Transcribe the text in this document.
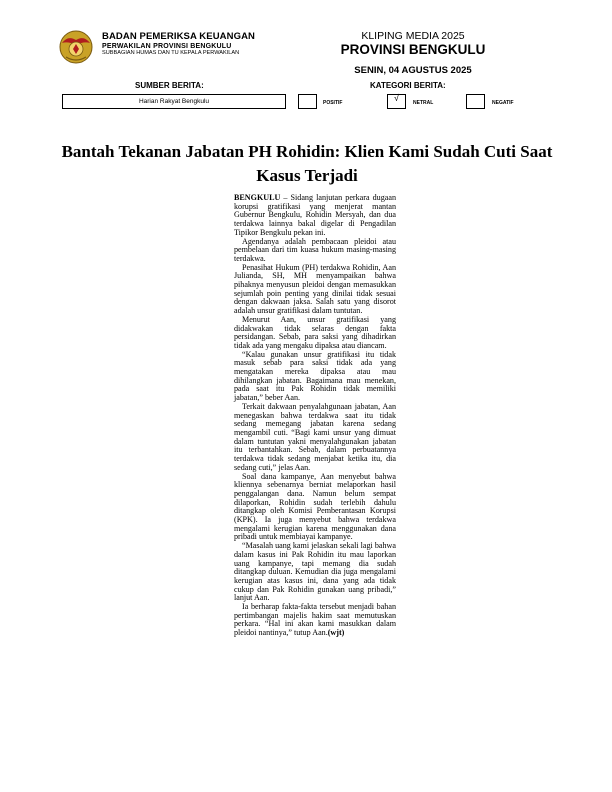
BADAN PEMERIKSA KEUANGAN
PERWAKILAN PROVINSI BENGKULU
SUBBAGIAN HUMAS DAN TU KEPALA PERWAKILAN
KLIPING MEDIA 2025
PROVINSI BENGKULU
SENIN, 04 AGUSTUS 2025
SUMBER BERITA:
Harian Rakyat Bengkulu
KATEGORI BERITA:
POSITIF	√	NETRAL	NEGATIF
Bantah Tekanan Jabatan PH Rohidin: Klien Kami Sudah Cuti Saat Kasus Terjadi

BENGKULU – Sidang lanjutan perkara dugaan korupsi gratifikasi yang menjerat mantan Gubernur Bengkulu, Rohidin Mersyah, dan dua terdakwa lainnya bakal digelar di Pengadilan Tipikor Bengkulu pekan ini.

Agendanya adalah pembacaan pleidoi atau pembelaan dari tim kuasa hukum masing-masing terdakwa.

Penasihat Hukum (PH) terdakwa Rohidin, Aan Julianda, SH, MH menyampaikan bahwa pihaknya menyusun pleidoi dengan memasukkan sejumlah poin penting yang dinilai tidak sesuai dengan dakwaan jaksa. Salah satu yang disorot adalah unsur gratifikasi dalam tuntutan.

Menurut Aan, unsur gratifikasi yang didakwakan tidak selaras dengan fakta persidangan. Sebab, para saksi yang dihadirkan tidak ada yang mengaku dipaksa atau diancam.

“Kalau gunakan unsur gratifikasi itu tidak masuk sebab para saksi tidak ada yang mengatakan mereka dipaksa atau mau dihilangkan jabatan. Bagaimana mau menekan, pada saat itu Pak Rohidin tidak memiliki jabatan,” beber Aan.

Terkait dakwaan penyalahgunaan jabatan, Aan menegaskan bahwa terdakwa saat itu tidak sedang memegang jabatan karena sedang mengambil cuti. “Bagi kami unsur yang dimuat dalam tuntutan yakni menyalahgunakan jabatan itu terbantahkan. Sebab, dalam perbuatannya terdakwa tidak sedang menjabat ketika itu, dia sedang cuti,” jelas Aan.

Soal dana kampanye, Aan menyebut bahwa kliennya sebenarnya berniat melaporkan hasil penggalangan dana. Namun belum sempat dilaporkan, Rohidin sudah terlebih dahulu ditangkap oleh Komisi Pemberantasan Korupsi (KPK). Ia juga menyebut bahwa terdakwa mengalami kerugian karena menggunakan dana pribadi untuk membiayai kampanye.

“Masalah uang kami jelaskan sekali lagi bahwa dalam kasus ini Pak Rohidin itu mau laporkan uang kampanye, tapi memang dia sudah ditangkap duluan. Kemudian dia juga mengalami kerugian atas kasus ini, dana yang ada tidak cukup dan Pak Rohidin gunakan uang pribadi,” lanjut Aan.

Ia berharap fakta-fakta tersebut menjadi bahan pertimbangan majelis hakim saat memutuskan perkara. “Hal ini akan kami masukkan dalam pleidoi nantinya,” tutup Aan.(wjt)
